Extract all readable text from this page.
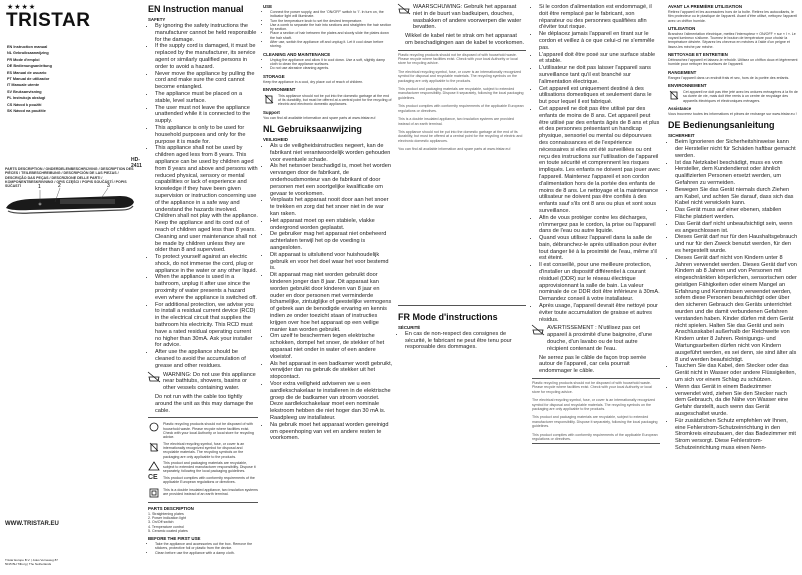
★★★★
TRISTAR
EN Instruction manual
NL Gebruiksaanwijzing
FR Mode d'emploi
DE Bedienungsanleitung
ES Manual de usuario
PT Manual de utilizador
IT Manuale utente
SV Bruksanvisning
PL Instrukcja obsługi
CS Návod k použití
SK Návod na použitie
HD-2411
PARTS DESCRIPTION / ONDERDELENBESCHRIJVING / DESCRIPTION DES PIÈCES / TEILEBESCHREIBUNG / DESCRIPCIÓN DE LAS PIEZAS / DESCRIÇÃO DAS PEÇAS / DESCRIZIONE DELLE PARTI / KOMPONENTBESKRIVNING / OPIS CZĘŚCI / POPIS SOUČÁSTÍ / POPIS SÚČASTÍ	1	2	3
WWW.TRISTAR.EU
Tristar Europe B.V. | Jules Verneweg 87
5015 BH Tilburg | The Netherlands
EN Instruction manual
SAFETY
• By ignoring the safety instructions the manufacturer cannot be held responsible for the damage.
• If the supply cord is damaged, it must be replaced by the manufacturer, its service agent or similarly qualified persons in order to avoid a hazard.
• Never move the appliance by pulling the cord and make sure the cord cannot become entangled.
• The appliance must be placed on a stable, level surface.
• The user must not leave the appliance unattended while it is connected to the supply.
• This appliance is only to be used for household purposes and only for the purpose it is made for.
• This appliance shall not be used by children aged less from 8 years. This appliance can be used by children aged from 8 years and above and persons with reduced physical, sensory or mental capabilities or lack of experience and knowledge if they have been given supervision or instruction concerning use of the appliance in a safe way and understand the hazards involved. Children shall not play with the appliance. Keep the appliance and its cord out of reach of children aged less than 8 years. Cleaning and user maintenance shall not be made by children unless they are older than 8 and supervised.
• To protect yourself against an electric shock, do not immerse the cord, plug or appliance in the water or any other liquid.
• When the appliance is used in a bathroom, unplug it after use since the proximity of water presents a hazard even where the appliance is switched off.
• For additional protection, we advise you to install a residual current device (RCD) in the electrical circuit that supplies the bathroom his electricity. This RCD must have a rated residual operating current no higher than 30mA. Ask your installer for advice.
• After use the appliance should be cleaned to avoid the accumulation of grease and other residues.
WARNING: Do not use this appliance near bathtubs, showers, basins or other vessels containing water.
Do not run with the cable too tightly around the unit as this may damage the cable.
Plastic recycling products should not be disposed of with household waste. Please recycle where facilities exist. Check with your local Authority or local store for recycling advice.
The electrical recycling symbol, fuse, or cover is an internationally recognized symbol for disposal and recyclable materials. The recycling symbols on the packaging are only applicable to the products.
This product and packaging materials are recyclable, subject to extended manufacturer responsibility. Dispose it separately, following the local packaging guidelines.
CE	This product complies with conformity requirements of the applicable European regulations or directives.
This is a double insulated appliance, two insulation systems are provided instead of an earth terminal.
PARTS DESCRIPTION
1. Straightening plates
2. Power indication light
3. On/Off switch
4. Temperature control
5. Ceramic coated plates
BEFORE THE FIRST USE
• Take the appliance and accessories out the box. Remove the stickers, protective foil or plastic from the device.
• Clean before use the appliance with a damp cloth.
USE
• Connect the power supply, and the 'ON/OFF' switch to 'I'. In turn on, the indicator light will illuminate.
• Turn the temperature knob to set the desired temperature.
• Use a comb to separate the hair into sections and straighten the hair section by section.
• Place a section of hair between the plates and slowly slide the plates down the hair shaft.
• After use, switch the appliance off and unplug it. Let it cool down before storing.
CLEANING AND MAINTENANCE
• Unplug the appliance and allow it to cool down. Use a soft, slightly damp cloth to clean the appliance surfaces.
• Do not use abrasive cleaning agents.
STORAGE
Keep the appliance in a cool, dry place out of reach of children.
ENVIRONMENT
This appliance should not be put into the domestic garbage at the end of its durability, but must be offered at a central point for the recycling of electric and electronic domestic appliances.
Support
You can find all available information and spare parts at www.tristar.eu!
NL Gebruiksaanwijzing
VEILIGHEID
• Als u de veiligheidsinstructies negeert, kan de fabrikant niet verantwoordelijk worden gehouden voor eventuele schade.
• Als het netsnoer beschadigd is, moet het worden vervangen door de fabrikant, de onderhoudsmonteur van de fabrikant of door personen met een soortgelijke kwalificatie om gevaar te voorkomen.
• Verplaats het apparaat nooit door aan het snoer te trekken en zorg dat het snoer niet in de war kan raken.
• Het apparaat moet op een stabiele, vlakke ondergrond worden geplaatst.
• De gebruiker mag het apparaat niet onbeheerd achterlaten terwijl het op de voeding is aangesloten.
• Dit apparaat is uitsluitend voor huishoudelijk gebruik en voor het doel waar het voor bestemd is.
• Dit apparaat mag niet worden gebruikt door kinderen jonger dan 8 jaar. Dit apparaat kan worden gebruikt door kinderen van 8 jaar en ouder en door personen met verminderde lichamelijke, zintuiglijke of geestelijke vermogens of gebrek aan de benodigde ervaring en kennis indien ze onder toezicht staan of instructies krijgen over hoe het apparaat op een veilige manier kan worden gebruikt.
• Om uzelf te beschermen tegen elektrische schokken, dompel het snoer, de stekker of het apparaat niet onder in water of een andere vloeistof.
• Als het apparaat in een badkamer wordt gebruikt, verwijder dan na gebruik de stekker uit het stopcontact.
• Voor extra veiligheid adviseren we u een aardlekschakelaar te installeren in de elektrische groep die de badkamer van stroom voorziet. Deze aardlekschakelaar moet een nominale lekstroom hebben die niet hoger dan 30 mA is. Raadpleeg uw installateur.
• Na gebruik moet het apparaat worden gereinigd om opeenhoping van vet en andere resten te voorkomen.
WAARSCHUWING: Gebruik het apparaat niet in de buurt van badkuipen, douches, wasbakken of andere voorwerpen die water bevatten.
Wikkel de kabel niet te strak om het apparaat om beschadigingen aan de kabel te voorkomen.
Plastic recycling products should not be disposed of with household waste. Please recycle where facilities exist. Check with your local Authority or local store for recycling advice.

The electrical recycling symbol, fuse, or cover is an internationally recognized symbol for disposal and recyclable materials. The recycling symbols on the packaging are only applicable to the products.

This product and packaging materials are recyclable, subject to extended manufacturer responsibility. Dispose it separately, following the local packaging guidelines.

This product complies with conformity requirements of the applicable European regulations or directives.

This is a double insulated appliance, two insulation systems are provided instead of an earth terminal.

This appliance should not be put into the domestic garbage at the end of its durability, but must be offered at a central point for the recycling of electric and electronic domestic appliances.

You can find all available information and spare parts at www.tristar.eu!
FR Mode d'instructions
SÉCURITÉ
• En cas de non-respect des consignes de sécurité, le fabricant ne peut être tenu pour responsable des dommages.
• Si le cordon d'alimentation est endommagé, il doit être remplacé par le fabricant, son réparateur ou des personnes qualifiées afin d'éviter tout risque.
• Ne déplacez jamais l'appareil en tirant sur le cordon et veillez à ce que celui-ci ne s'emmêle pas.
• L'appareil doit être posé sur une surface stable et stable.
• L'utilisateur ne doit pas laisser l'appareil sans surveillance tant qu'il est branché sur l'alimentation électrique.
• Cet appareil est uniquement destiné à des utilisations domestiques et seulement dans le but pour lequel il est fabriqué.
• Cet appareil ne doit pas être utilisé par des enfants de moins de 8 ans. Cet appareil peut être utilisé par des enfants âgés de 8 ans et plus et des personnes présentant un handicap physique, sensoriel ou mental ou dépourvues des connaissances et de l'expérience nécessaires si elles ont été surveillées ou ont reçu des instructions sur l'utilisation de l'appareil en toute sécurité et comprennent les risques impliqués. Les enfants ne doivent pas jouer avec l'appareil. Maintenez l'appareil et son cordon d'alimentation hors de la portée des enfants de moins de 8 ans. Le nettoyage et la maintenance utilisateur ne doivent pas être confiés à des enfants sauf s'ils ont 8 ans ou plus et sont sous surveillance.
• Afin de vous protéger contre les décharges, n'immergez pas le cordon, la prise ou l'appareil dans de l'eau ou autre liquide.
• Quand vous utilisez l'appareil dans la salle de bain, débranchez-le après utilisation pour éviter tout danger lié à la proximité de l'eau, même s'il est éteint.
• Il est conseillé, pour une meilleure protection, d'installer un dispositif différentiel à courant résiduel (DDR) sur le réseau électrique approvisionnant la salle de bain. La valeur nominale de ce DDR doit être inférieure à 30mA. Demandez conseil à votre installateur.
• Après usage, l'appareil devrait être nettoyé pour éviter toute accumulation de graisse et autres résidus.
AVERTISSEMENT : N'utilisez pas cet appareil à proximité d'une baignoire, d'une douche, d'un lavabo ou de tout autre récipient contenant de l'eau.
Ne serrez pas le câble de façon trop serrée autour de l'appareil, car cela pourrait endommager le câble.
Plastic recycling products should not be disposed of with household waste. Please recycle where facilities exist. Check with your local Authority or local store for recycling advice.

The electrical recycling symbol, fuse, or cover is an internationally recognized symbol for disposal and recyclable materials. The recycling symbols on the packaging are only applicable to the products.

This product and packaging materials are recyclable, subject to extended manufacturer responsibility. Dispose it separately, following the local packaging guidelines.

This product complies with conformity requirements of the applicable European regulations or directives.
AVANT LA PREMIÈRE UTILISATION
Retirez l'appareil et les accessoires hors de la boîte. Retirez les autocollants, le film protecteur ou le plastique de l'appareil. Avant d'être utilisé, nettoyez l'appareil avec un chiffon humide.
UTILISATION
Branchez l'alimentation électrique, mettez l'interrupteur « ON/OFF » sur « I ». Le voyant lumineux s'allume. Tournez le bouton de température pour choisir la température désirée. Séparez les cheveux en mèches à l'aide d'un peigne et lissez-les mèche par mèche.
NETTOYAGE ET ENTRETIEN
Débranchez l'appareil et laissez-le refroidir. Utilisez un chiffon doux et légèrement humide pour nettoyer les surfaces de l'appareil.
RANGEMENT
Rangez l'appareil dans un endroit frais et sec, hors de la portée des enfants.
ENVIRONNEMENT
Cet appareil ne doit pas être jeté avec les ordures ménagères à la fin de sa durée de vie, mais doit être remis à un centre de recyclage des appareils électriques et électroniques ménagers.
Assistance
Vous trouverez toutes les informations et pièces de rechange sur www.tristar.eu !
DE Bedienungsanleitung
SICHERHEIT
• Beim Ignorieren der Sicherheitshinweise kann der Hersteller nicht für Schäden haftbar gemacht werden.
• Ist das Netzkabel beschädigt, muss es vom Hersteller, dem Kundendienst oder ähnlich qualifizierten Personen ersetzt werden, um Gefahren zu vermeiden.
• Bewegen Sie das Gerät niemals durch Ziehen am Kabel, und achten Sie darauf, dass sich das Kabel nicht verwickeln kann.
• Das Gerät muss auf einer ebenen, stabilen Fläche platziert werden.
• Das Gerät darf nicht unbeaufsichtigt sein, wenn es angeschlossen ist.
• Dieses Gerät darf nur für den Haushaltsgebrauch und nur für den Zweck benutzt werden, für den es hergestellt wurde.
• Dieses Gerät darf nicht von Kindern unter 8 Jahren verwendet werden. Dieses Gerät darf von Kindern ab 8 Jahren und von Personen mit eingeschränkten körperlichen, sensorischen oder geistigen Fähigkeiten oder einem Mangel an Erfahrung und Kenntnissen verwendet werden, sofern diese Personen beaufsichtigt oder über den sicheren Gebrauch des Geräts unterrichtet wurden und die damit verbundenen Gefahren verstanden haben. Kinder dürfen mit dem Gerät nicht spielen. Halten Sie das Gerät und sein Anschlusskabel außerhalb der Reichweite von Kindern unter 8 Jahren. Reinigungs- und Wartungsarbeiten dürfen nicht von Kindern ausgeführt werden, es sei denn, sie sind älter als 8 und werden beaufsichtigt.
• Tauchen Sie das Kabel, den Stecker oder das Gerät nicht in Wasser oder andere Flüssigkeiten, um sich vor einem Schlag zu schützen.
• Wenn das Gerät in einem Badezimmer verwendet wird, ziehen Sie den Stecker nach dem Gebrauch, da die Nähe von Wasser eine Gefahr darstellt, auch wenn das Gerät ausgeschaltet wurde.
• Für zusätzlichen Schutz empfehlen wir Ihnen, eine Fehlerstrom-Schutzeinrichtung in den Stromkreis einzubauen, der das Badezimmer mit Strom versorgt. Diese Fehlerstrom-Schutzeinrichtung muss einen Nenn-
